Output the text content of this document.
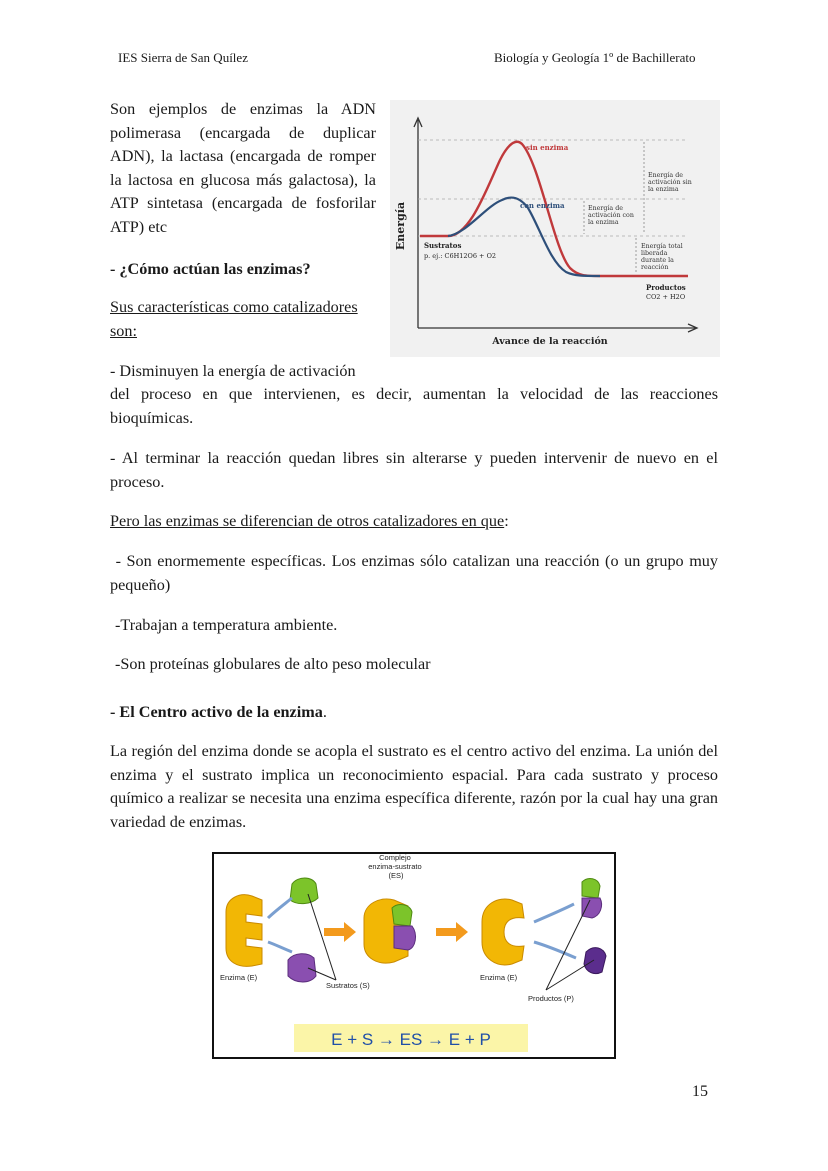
IES Sierra de San Quílez	Biología y Geología 1º de Bachillerato

Son ejemplos de enzimas la ADN polimerasa (encargada de duplicar ADN), la lactasa (encargada de romper la lactosa en glucosa más galactosa), la ATP sintetasa (encargada de fosforilar ATP) etc

- ¿Cómo actúan las enzimas?

Sus características como catalizadores son:

- Disminuyen la energía de activación

del proceso en que intervienen, es decir, aumentan la velocidad de las reacciones bioquímicas.

- Al terminar la reacción quedan libres sin alterarse y pueden intervenir de nuevo en el proceso.

Pero las enzimas se diferencian de otros catalizadores en que:

- Son enormemente específicas. Los enzimas sólo catalizan una reacción (o un grupo muy pequeño)

-Trabajan a temperatura ambiente.

-Son proteínas globulares de alto peso molecular

- El Centro activo de la enzima.

La región del enzima donde se acopla el sustrato es el centro activo del enzima. La unión del enzima y el sustrato implica un reconocimiento espacial. Para cada sustrato y proceso químico a realizar se necesita una enzima específica diferente, razón por la cual hay una gran variedad de enzimas.

Energía
Avance de la reacción
sin enzima
con enzima
Sustratos
p. ej.: C6H12O6 + O2
Productos
CO2 + H2O
Energía de activación sin la enzima
Energía de activación con la enzima
Energía total liberada durante la reacción
Complejo enzima-sustrato (ES)
Enzima (E)
Sustratos (S)
Enzima (E)
Productos (P)
E + S → ES → E + P
15
